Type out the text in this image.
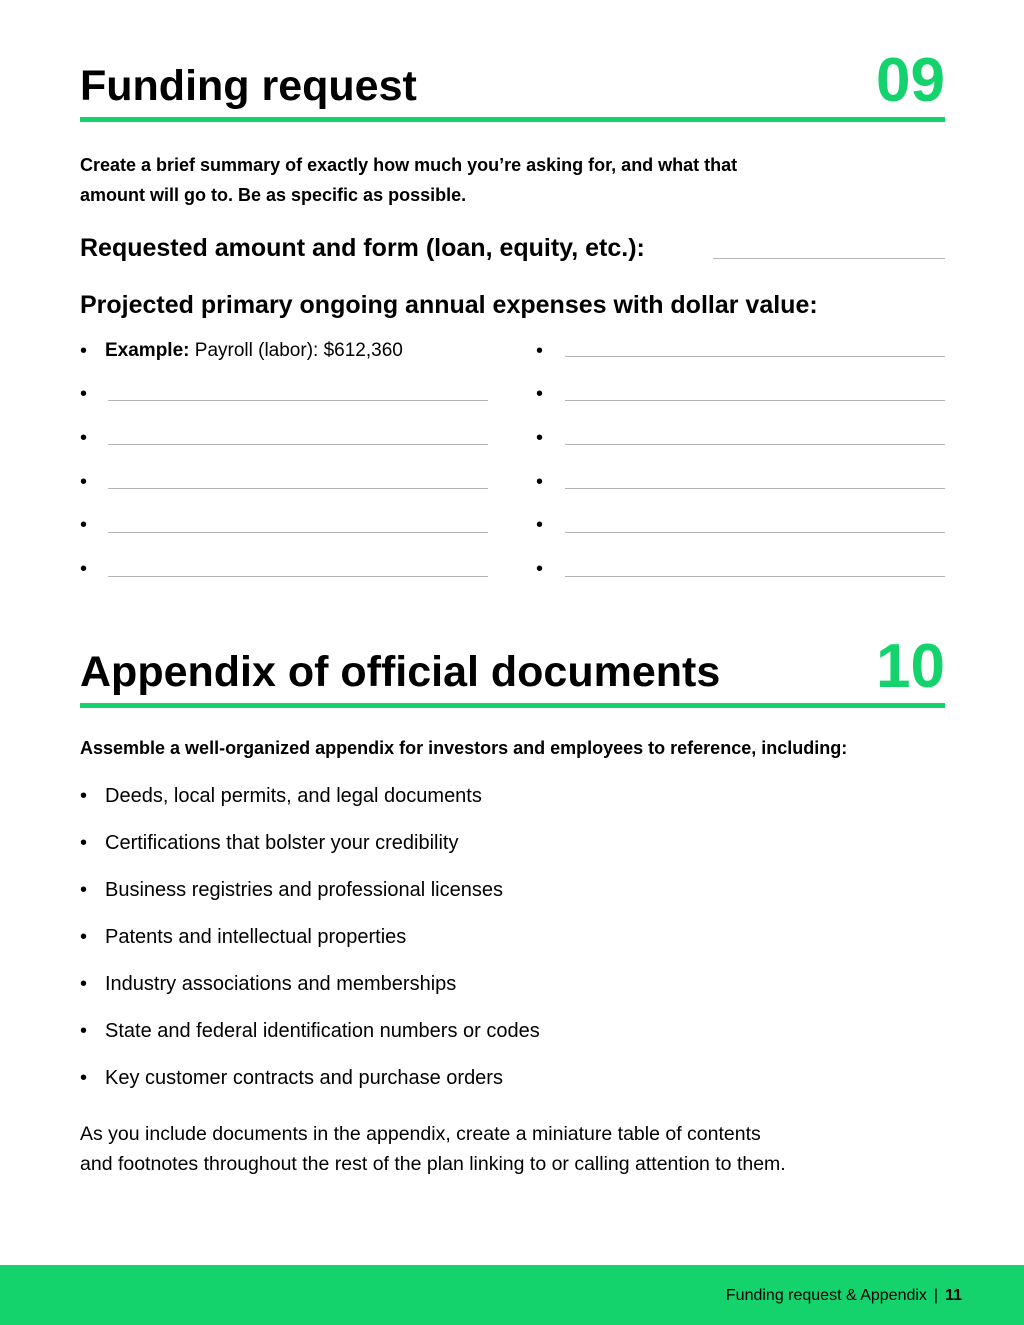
Funding request	09

Create a brief summary of exactly how much you’re asking for, and what that
amount will go to. Be as specific as possible.

Requested amount and form (loan, equity, etc.):
Projected primary ongoing annual expenses with dollar value:
• Example: Payroll (labor): $612,360
•
•
•
•
•
•
•
•
•
•
•
Appendix of official documents	10

Assemble a well-organized appendix for investors and employees to reference, including:

• Deeds, local permits, and legal documents
• Certifications that bolster your credibility
• Business registries and professional licenses
• Patents and intellectual properties
• Industry associations and memberships
• State and federal identification numbers or codes
• Key customer contracts and purchase orders

As you include documents in the appendix, create a miniature table of contents
and footnotes throughout the rest of the plan linking to or calling attention to them.

Funding request & Appendix | 11
